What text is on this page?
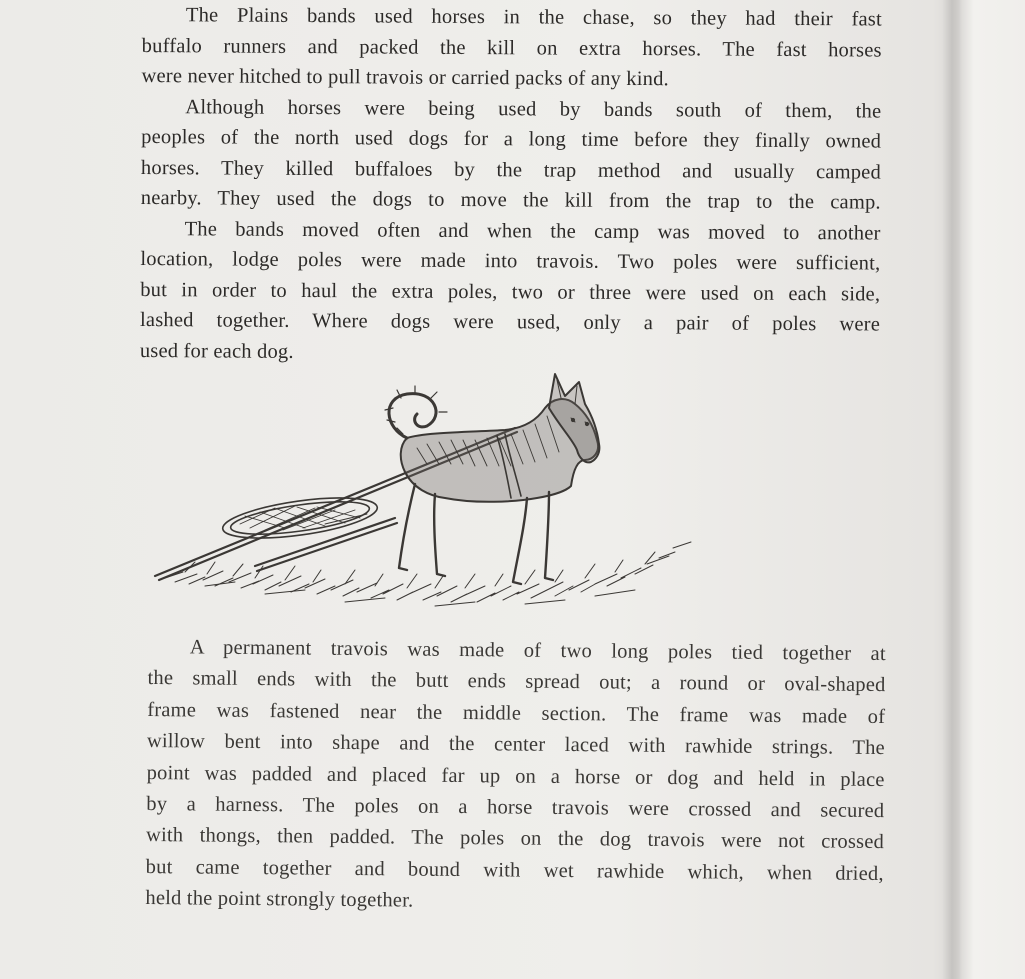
The Plains bands used horses in the chase, so they had their fast
buffalo runners and packed the kill on extra horses. The fast horses
were never hitched to pull travois or carried packs of any kind.
Although horses were being used by bands south of them, the
peoples of the north used dogs for a long time before they finally owned
horses. They killed buffaloes by the trap method and usually camped
nearby. They used the dogs to move the kill from the trap to the camp.
The bands moved often and when the camp was moved to another
location, lodge poles were made into travois. Two poles were sufficient,
but in order to haul the extra poles, two or three were used on each side,
lashed together. Where dogs were used, only a pair of poles were
used for each dog.
A permanent travois was made of two long poles tied together at
the small ends with the butt ends spread out; a round or oval-shaped
frame was fastened near the middle section. The frame was made of
willow bent into shape and the center laced with rawhide strings. The
point was padded and placed far up on a horse or dog and held in place
by a harness. The poles on a horse travois were crossed and secured
with thongs, then padded. The poles on the dog travois were not crossed
but came together and bound with wet rawhide which, when dried,
held the point strongly together.
